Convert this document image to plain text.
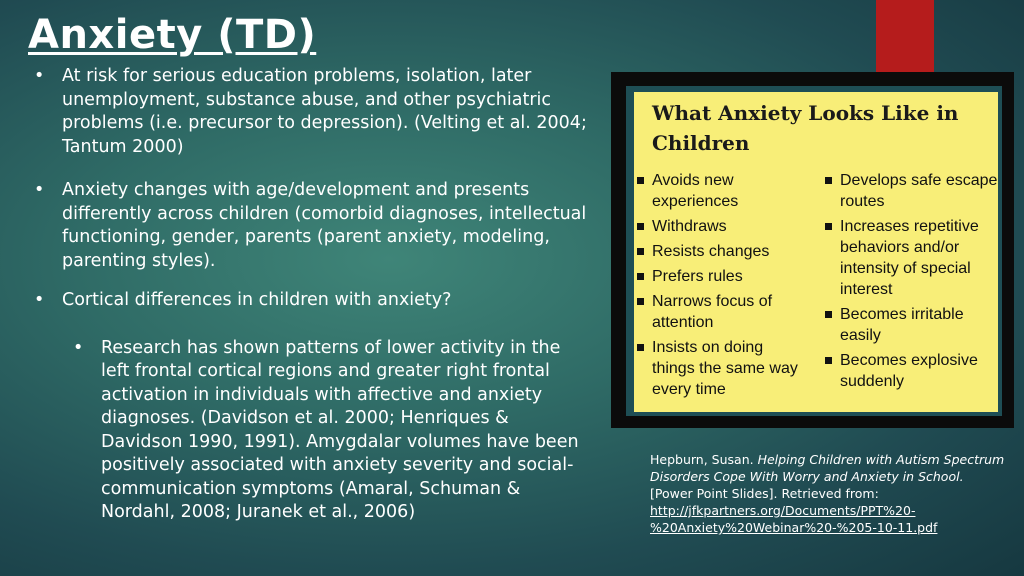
Anxiety (TD)

• At risk for serious education problems, isolation, later unemployment, substance abuse, and other psychiatric problems (i.e. precursor to depression). (Velting et al. 2004; Tantum 2000)

• Anxiety changes with age/development and presents differently across children (comorbid diagnoses, intellectual functioning, gender, parents (parent anxiety, modeling, parenting styles).

• Cortical differences in children with anxiety?

• Research has shown patterns of lower activity in the left frontal cortical regions and greater right frontal activation in individuals with affective and anxiety diagnoses. (Davidson et al. 2000; Henriques & Davidson 1990, 1991). Amygdalar volumes have been positively associated with anxiety severity and social-communication symptoms (Amaral, Schuman & Nordahl, 2008; Juranek et al., 2006)

What Anxiety Looks Like in Children
Avoids new experiences
Withdraws
Resists changes
Prefers rules
Narrows focus of attention
Insists on doing things the same way every time
Develops safe escape routes
Increases repetitive behaviors and/or intensity of special interest
Becomes irritable easily
Becomes explosive suddenly
Hepburn, Susan. Helping Children with Autism Spectrum Disorders Cope With Worry and Anxiety in School. [Power Point Slides]. Retrieved from: http://jfkpartners.org/Documents/PPT%20-%20Anxiety%20Webinar%20-%205-10-11.pdf
